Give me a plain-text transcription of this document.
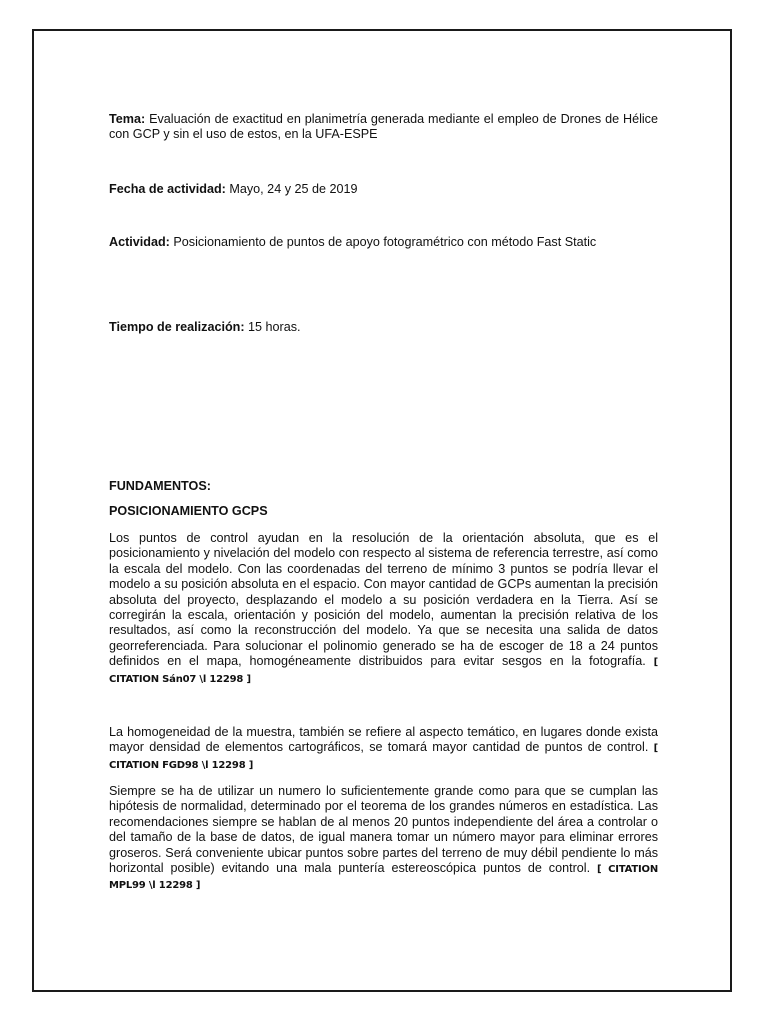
Tema: Evaluación de exactitud en planimetría generada mediante el empleo de Drones de Hélice con GCP y sin el uso de estos, en la UFA-ESPE
Fecha de actividad: Mayo, 24 y 25 de 2019
Actividad: Posicionamiento de puntos de apoyo fotogramétrico con método Fast Static
Tiempo de realización: 15 horas.
FUNDAMENTOS:
POSICIONAMIENTO GCPS
Los puntos de control ayudan en la resolución de la orientación absoluta, que es el posicionamiento y nivelación del modelo con respecto al sistema de referencia terrestre, así como la escala del modelo. Con las coordenadas del terreno de mínimo 3 puntos se podría llevar el modelo a su posición absoluta en el espacio. Con mayor cantidad de GCPs aumentan la precisión absoluta del proyecto, desplazando el modelo a su posición verdadera en la Tierra. Así se corregirán la escala, orientación y posición del modelo, aumentan la precisión relativa de los resultados, así como la reconstrucción del modelo. Ya que se necesita una salida de datos georreferenciada. Para solucionar el polinomio generado se ha de escoger de 18 a 24 puntos definidos en el mapa, homogéneamente distribuidos para evitar sesgos en la fotografía. [ CITATION Sán07 \l 12298 ]
La homogeneidad de la muestra, también se refiere al aspecto temático, en lugares donde exista mayor densidad de elementos cartográficos, se tomará mayor cantidad de puntos de control. [ CITATION FGD98 \l 12298 ]
Siempre se ha de utilizar un numero lo suficientemente grande como para que se cumplan las hipótesis de normalidad, determinado por el teorema de los grandes números en estadística. Las recomendaciones siempre se hablan de al menos 20 puntos independiente del área a controlar o del tamaño de la base de datos, de igual manera tomar un número mayor para eliminar errores groseros. Será conveniente ubicar puntos sobre partes del terreno de muy débil pendiente lo más horizontal posible) evitando una mala puntería estereoscópica puntos de control. [ CITATION MPL99 \l 12298 ]
